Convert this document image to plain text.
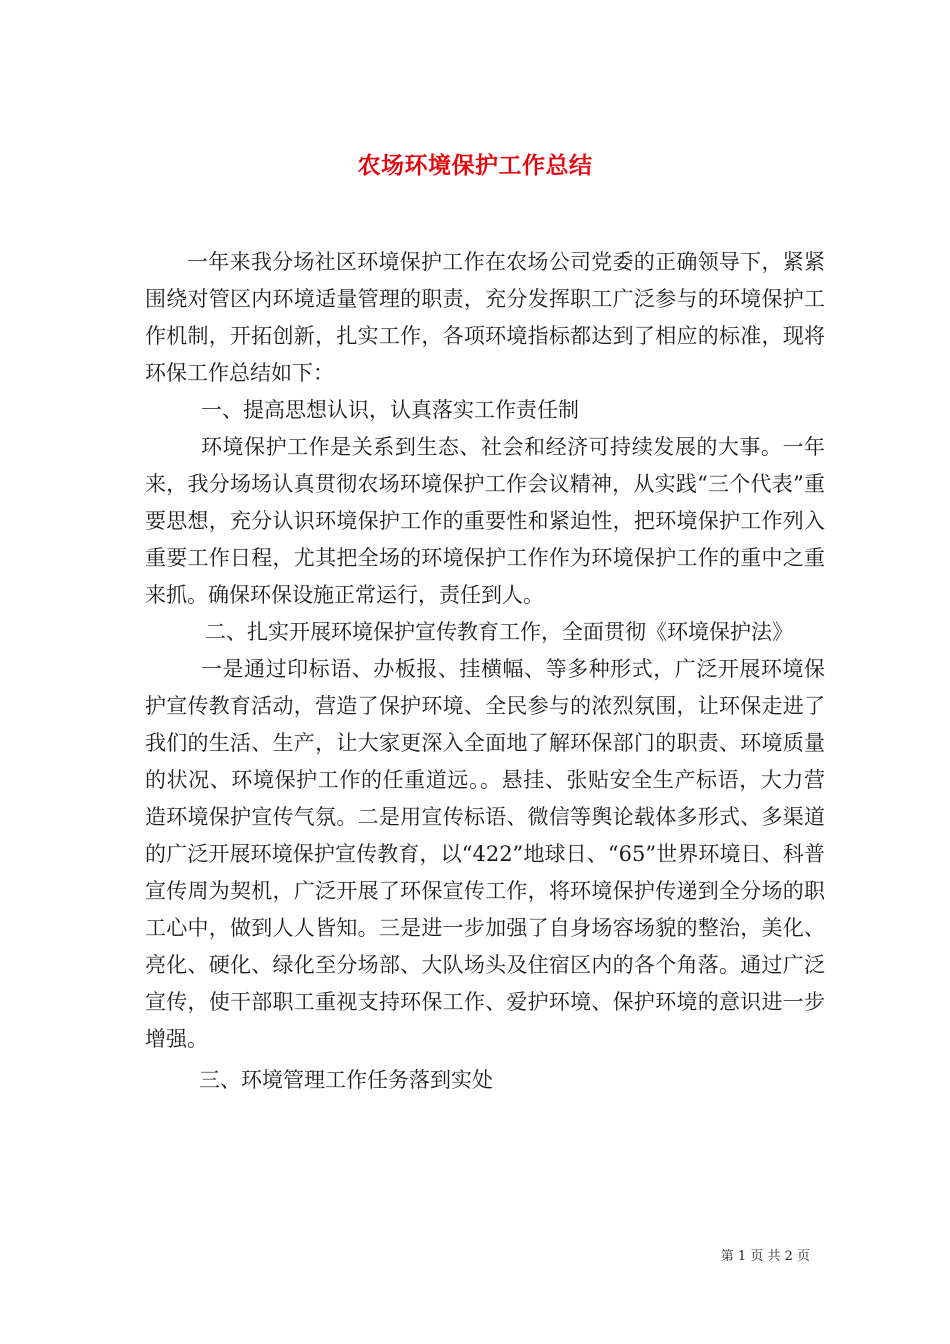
农场环境保护工作总结

一年来我分场社区环境保护工作在农场公司党委的正确领导下，紧紧围绕对管区内环境适量管理的职责，充分发挥职工广泛参与的环境保护工作机制，开拓创新，扎实工作，各项环境指标都达到了相应的标准，现将环保工作总结如下：

一、提高思想认识，认真落实工作责任制

环境保护工作是关系到生态、社会和经济可持续发展的大事。一年来，我分场场认真贯彻农场环境保护工作会议精神，从实践“三个代表”重要思想，充分认识环境保护工作的重要性和紧迫性，把环境保护工作列入重要工作日程，尤其把全场的环境保护工作作为环境保护工作的重中之重来抓。确保环保设施正常运行，责任到人。

二、扎实开展环境保护宣传教育工作，全面贯彻《环境保护法》

一是通过印标语、办板报、挂横幅、等多种形式，广泛开展环境保护宣传教育活动，营造了保护环境、全民参与的浓烈氛围，让环保走进了我们的生活、生产，让大家更深入全面地了解环保部门的职责、环境质量的状况、环境保护工作的任重道远。。悬挂、张贴安全生产标语，大力营造环境保护宣传气氛。二是用宣传标语、微信等舆论载体多形式、多渠道的广泛开展环境保护宣传教育，以“422”地球日、“65”世界环境日、科普宣传周为契机，广泛开展了环保宣传工作，将环境保护传递到全分场的职工心中，做到人人皆知。三是进一步加强了自身场容场貌的整治，美化、亮化、硬化、绿化至分场部、大队场头及住宿区内的各个角落。通过广泛宣传，使干部职工重视支持环保工作、爱护环境、保护环境的意识进一步增强。

三、环境管理工作任务落到实处

第 1 页 共 2 页
